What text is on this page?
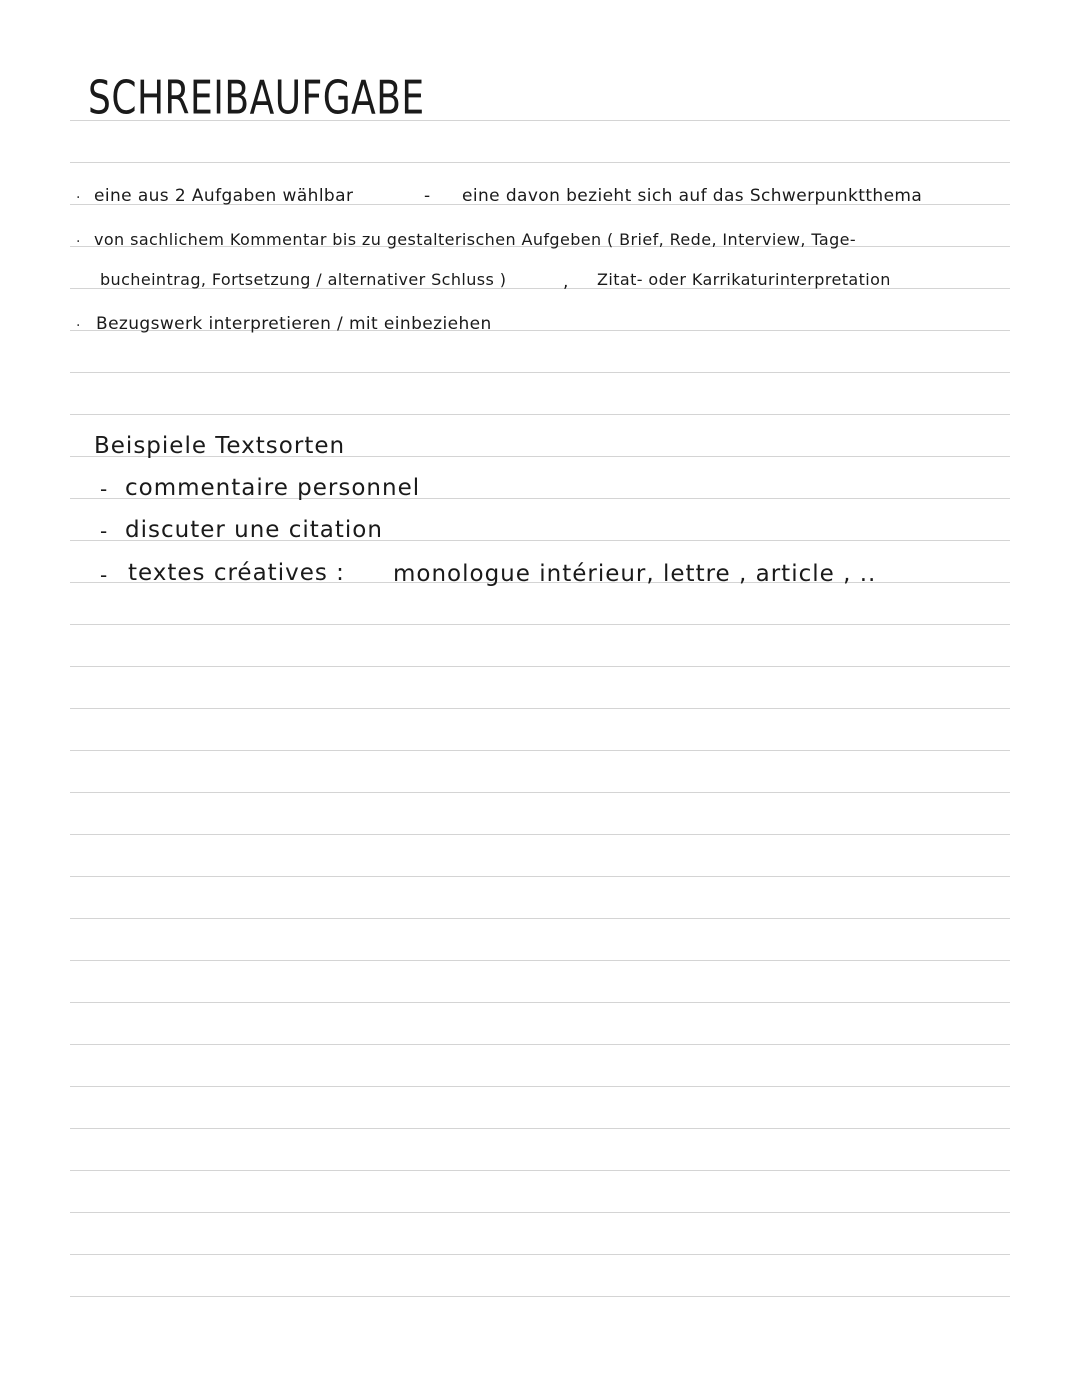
SCHREIBAUFGABE
· eine aus 2 Aufgaben wählbar	- eine davon bezieht sich auf das Schwerpunktthema
· von sachlichem Kommentar bis zu gestalterischen Aufgeben ( Brief, Rede, Interview, Tage-
bucheintrag, Fortsetzung / alternativer Schluss )	, Zitat- oder Karrikaturinterpretation
· Bezugswerk interpretieren / mit einbeziehen
Beispiele Textsorten
- commentaire personnel
- discuter une citation
- textes créatives : monologue intérieur, lettre , article , ..
